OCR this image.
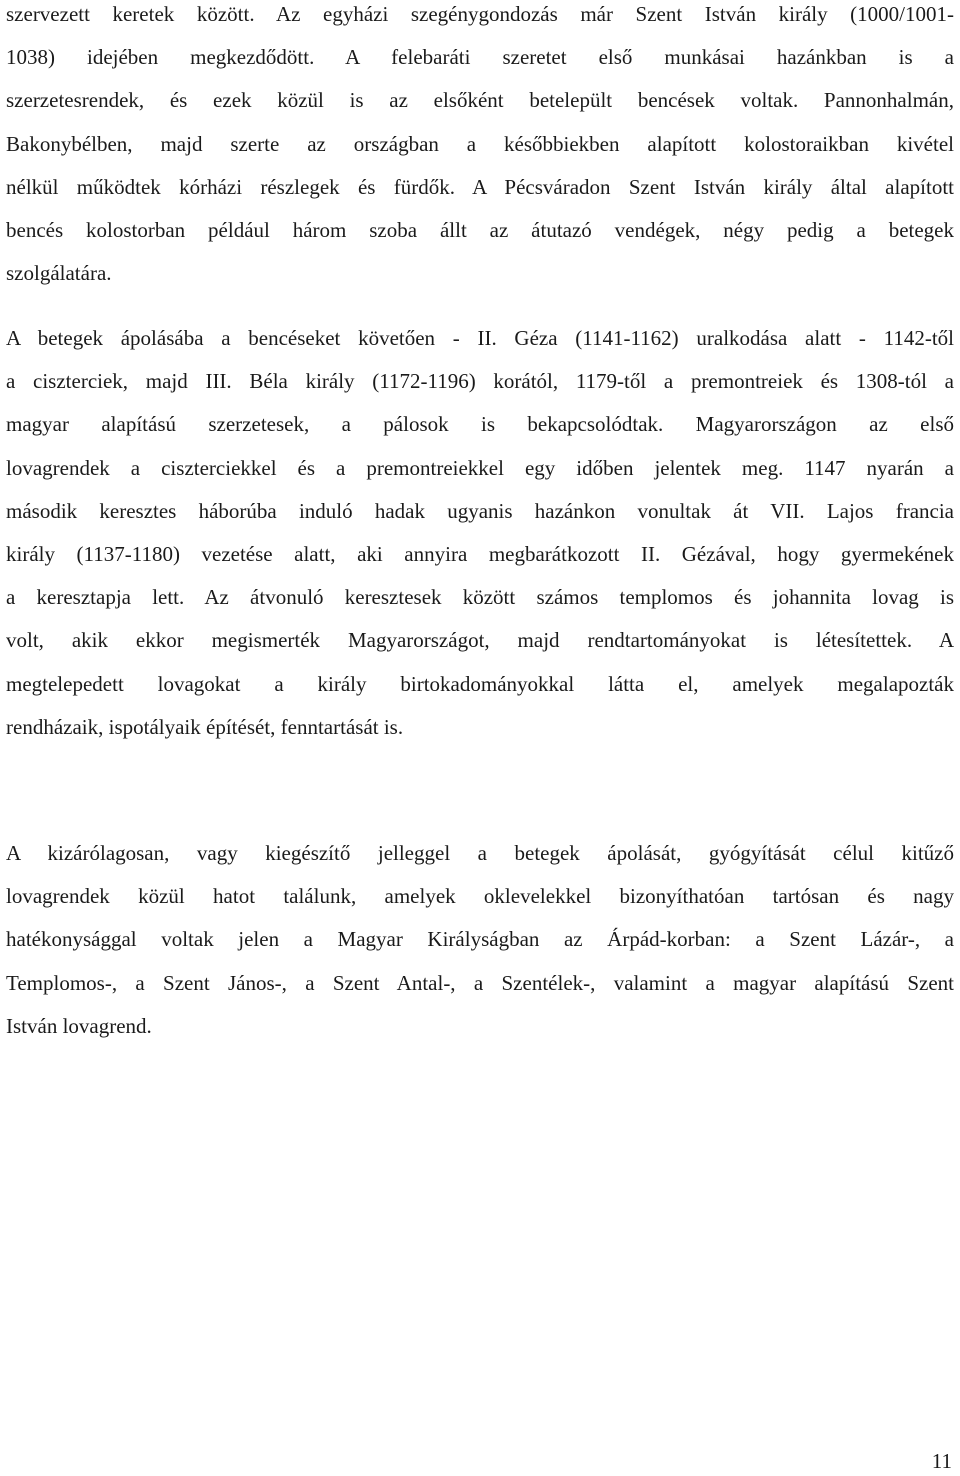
szervezett keretek között. Az egyházi szegénygondozás már Szent István király (1000/1001-
1038) idejében megkezdődött. A felebaráti szeretet első munkásai hazánkban is a
szerzetesrendek, és ezek közül is az elsőként betelepült bencések voltak. Pannonhalmán,
Bakonybélben, majd szerte az országban a későbbiekben alapított kolostoraikban kivétel
nélkül működtek kórházi részlegek és fürdők. A Pécsváradon Szent István király által alapított
bencés kolostorban például három szoba állt az átutazó vendégek, négy pedig a betegek
szolgálatára.
A betegek ápolásába a bencéseket követően - II. Géza (1141-1162) uralkodása alatt - 1142-től
a ciszterciek, majd III. Béla király (1172-1196) korától, 1179-től a premontreiek és 1308-tól a
magyar alapítású szerzetesek, a pálosok is bekapcsolódtak. Magyarországon az első
lovagrendek a ciszterciekkel és a premontreiekkel egy időben jelentek meg. 1147 nyarán a
második keresztes háborúba induló hadak ugyanis hazánkon vonultak át VII. Lajos francia
király (1137-1180) vezetése alatt, aki annyira megbarátkozott II. Gézával, hogy gyermekének
a keresztapja lett. Az átvonuló keresztesek között számos templomos és johannita lovag is
volt, akik ekkor megismerték Magyarországot, majd rendtartományokat is létesítettek. A
megtelepedett lovagokat a király birtokadományokkal látta el, amelyek megalapozták
rendházaik, ispotályaik építését, fenntartását is.
A kizárólagosan, vagy kiegészítő jelleggel a betegek ápolását, gyógyítását célul kitűző
lovagrendek közül hatot találunk, amelyek oklevelekkel bizonyíthatóan tartósan és nagy
hatékonysággal voltak jelen a Magyar Királyságban az Árpád-korban: a Szent Lázár-, a
Templomos-, a Szent János-, a Szent Antal-, a Szentélek-, valamint a magyar alapítású Szent
István lovagrend.
11
